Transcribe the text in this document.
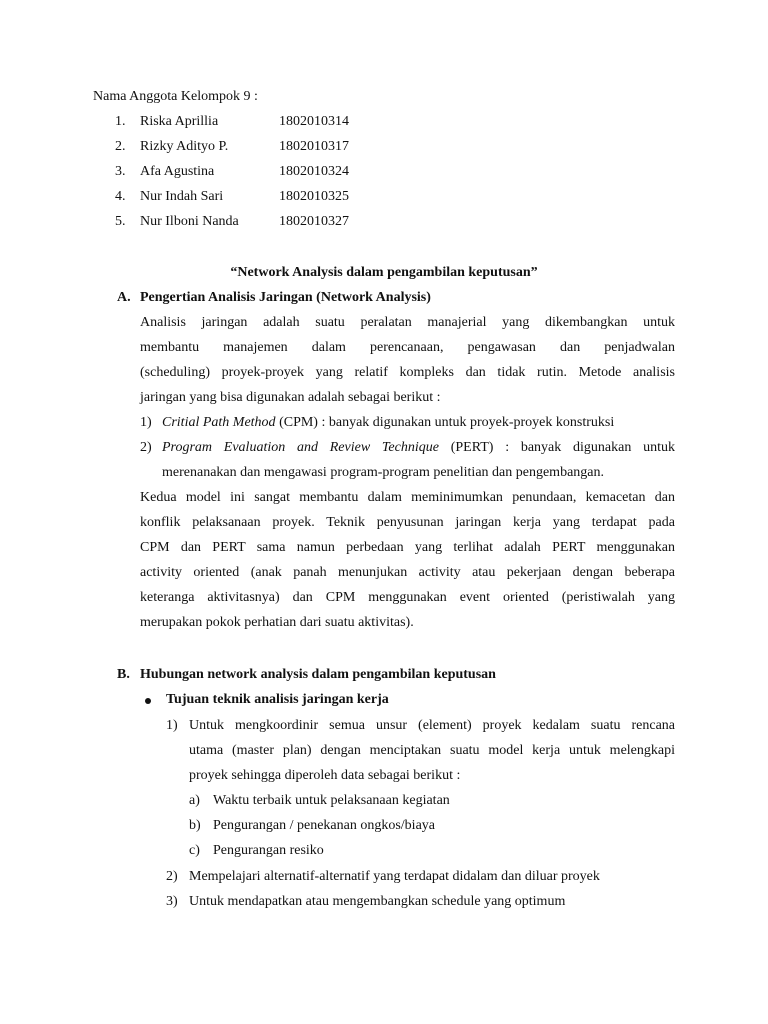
Nama Anggota Kelompok 9 :
1. Riska Aprillia	1802010314
2. Rizky Adityo P.	1802010317
3. Afa Agustina	1802010324
4. Nur Indah Sari	1802010325
5. Nur Ilboni Nanda	1802010327
“Network Analysis dalam pengambilan keputusan”
A. Pengertian Analisis Jaringan (Network Analysis)
Analisis jaringan adalah suatu peralatan manajerial yang dikembangkan untuk
membantu manajemen dalam perencanaan, pengawasan dan penjadwalan
(scheduling) proyek-proyek yang relatif kompleks dan tidak rutin. Metode analisis
jaringan yang bisa digunakan adalah sebagai berikut :
1) Critial Path Method (CPM) : banyak digunakan untuk proyek-proyek konstruksi
2) Program Evaluation and Review Technique (PERT) : banyak digunakan untuk
merenanakan dan mengawasi program-program penelitian dan pengembangan.
Kedua model ini sangat membantu dalam meminimumkan penundaan, kemacetan dan
konflik pelaksanaan proyek. Teknik penyusunan jaringan kerja yang terdapat pada
CPM dan PERT sama namun perbedaan yang terlihat adalah PERT menggunakan
activity oriented (anak panah menunjukan activity atau pekerjaan dengan beberapa
keteranga aktivitasnya) dan CPM menggunakan event oriented (peristiwalah yang
merupakan pokok perhatian dari suatu aktivitas).
B. Hubungan network analysis dalam pengambilan keputusan
Tujuan teknik analisis jaringan kerja
1) Untuk mengkoordinir semua unsur (element) proyek kedalam suatu rencana
utama (master plan) dengan menciptakan suatu model kerja untuk melengkapi
proyek sehingga diperoleh data sebagai berikut :
a) Waktu terbaik untuk pelaksanaan kegiatan
b) Pengurangan / penekanan ongkos/biaya
c) Pengurangan resiko
2) Mempelajari alternatif-alternatif yang terdapat didalam dan diluar proyek
3) Untuk mendapatkan atau mengembangkan schedule yang optimum
